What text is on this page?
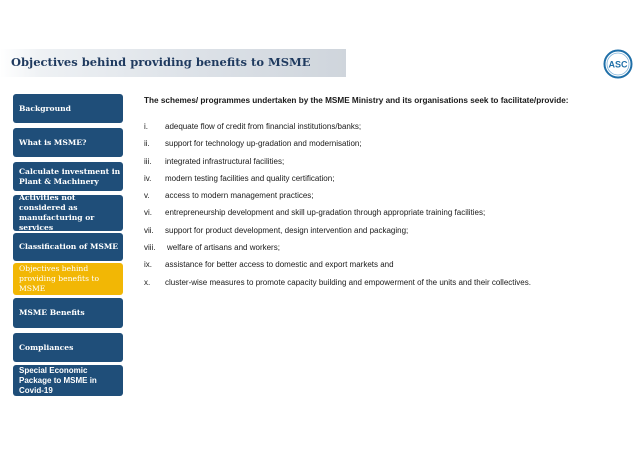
Objectives behind providing benefits to MSME	ASC
Background
What is MSME?
Calculate investment in Plant & Machinery
Activities not considered as manufacturing or services
Classification of MSME
Objectives behind providing benefits to MSME
MSME Benefits
Compliances
Special Economic Package to MSME in Covid-19

The schemes/ programmes undertaken by the MSME Ministry and its organisations seek to facilitate/provide:

i. adequate flow of credit from financial institutions/banks;
ii. support for technology up-gradation and modernisation;
iii. integrated infrastructural facilities;
iv. modern testing facilities and quality certification;
v. access to modern management practices;
vi. entrepreneurship development and skill up-gradation through appropriate training facilities;
vii. support for product development, design intervention and packaging;
viii. welfare of artisans and workers;
ix. assistance for better access to domestic and export markets and
x. cluster-wise measures to promote capacity building and empowerment of the units and their collectives.
